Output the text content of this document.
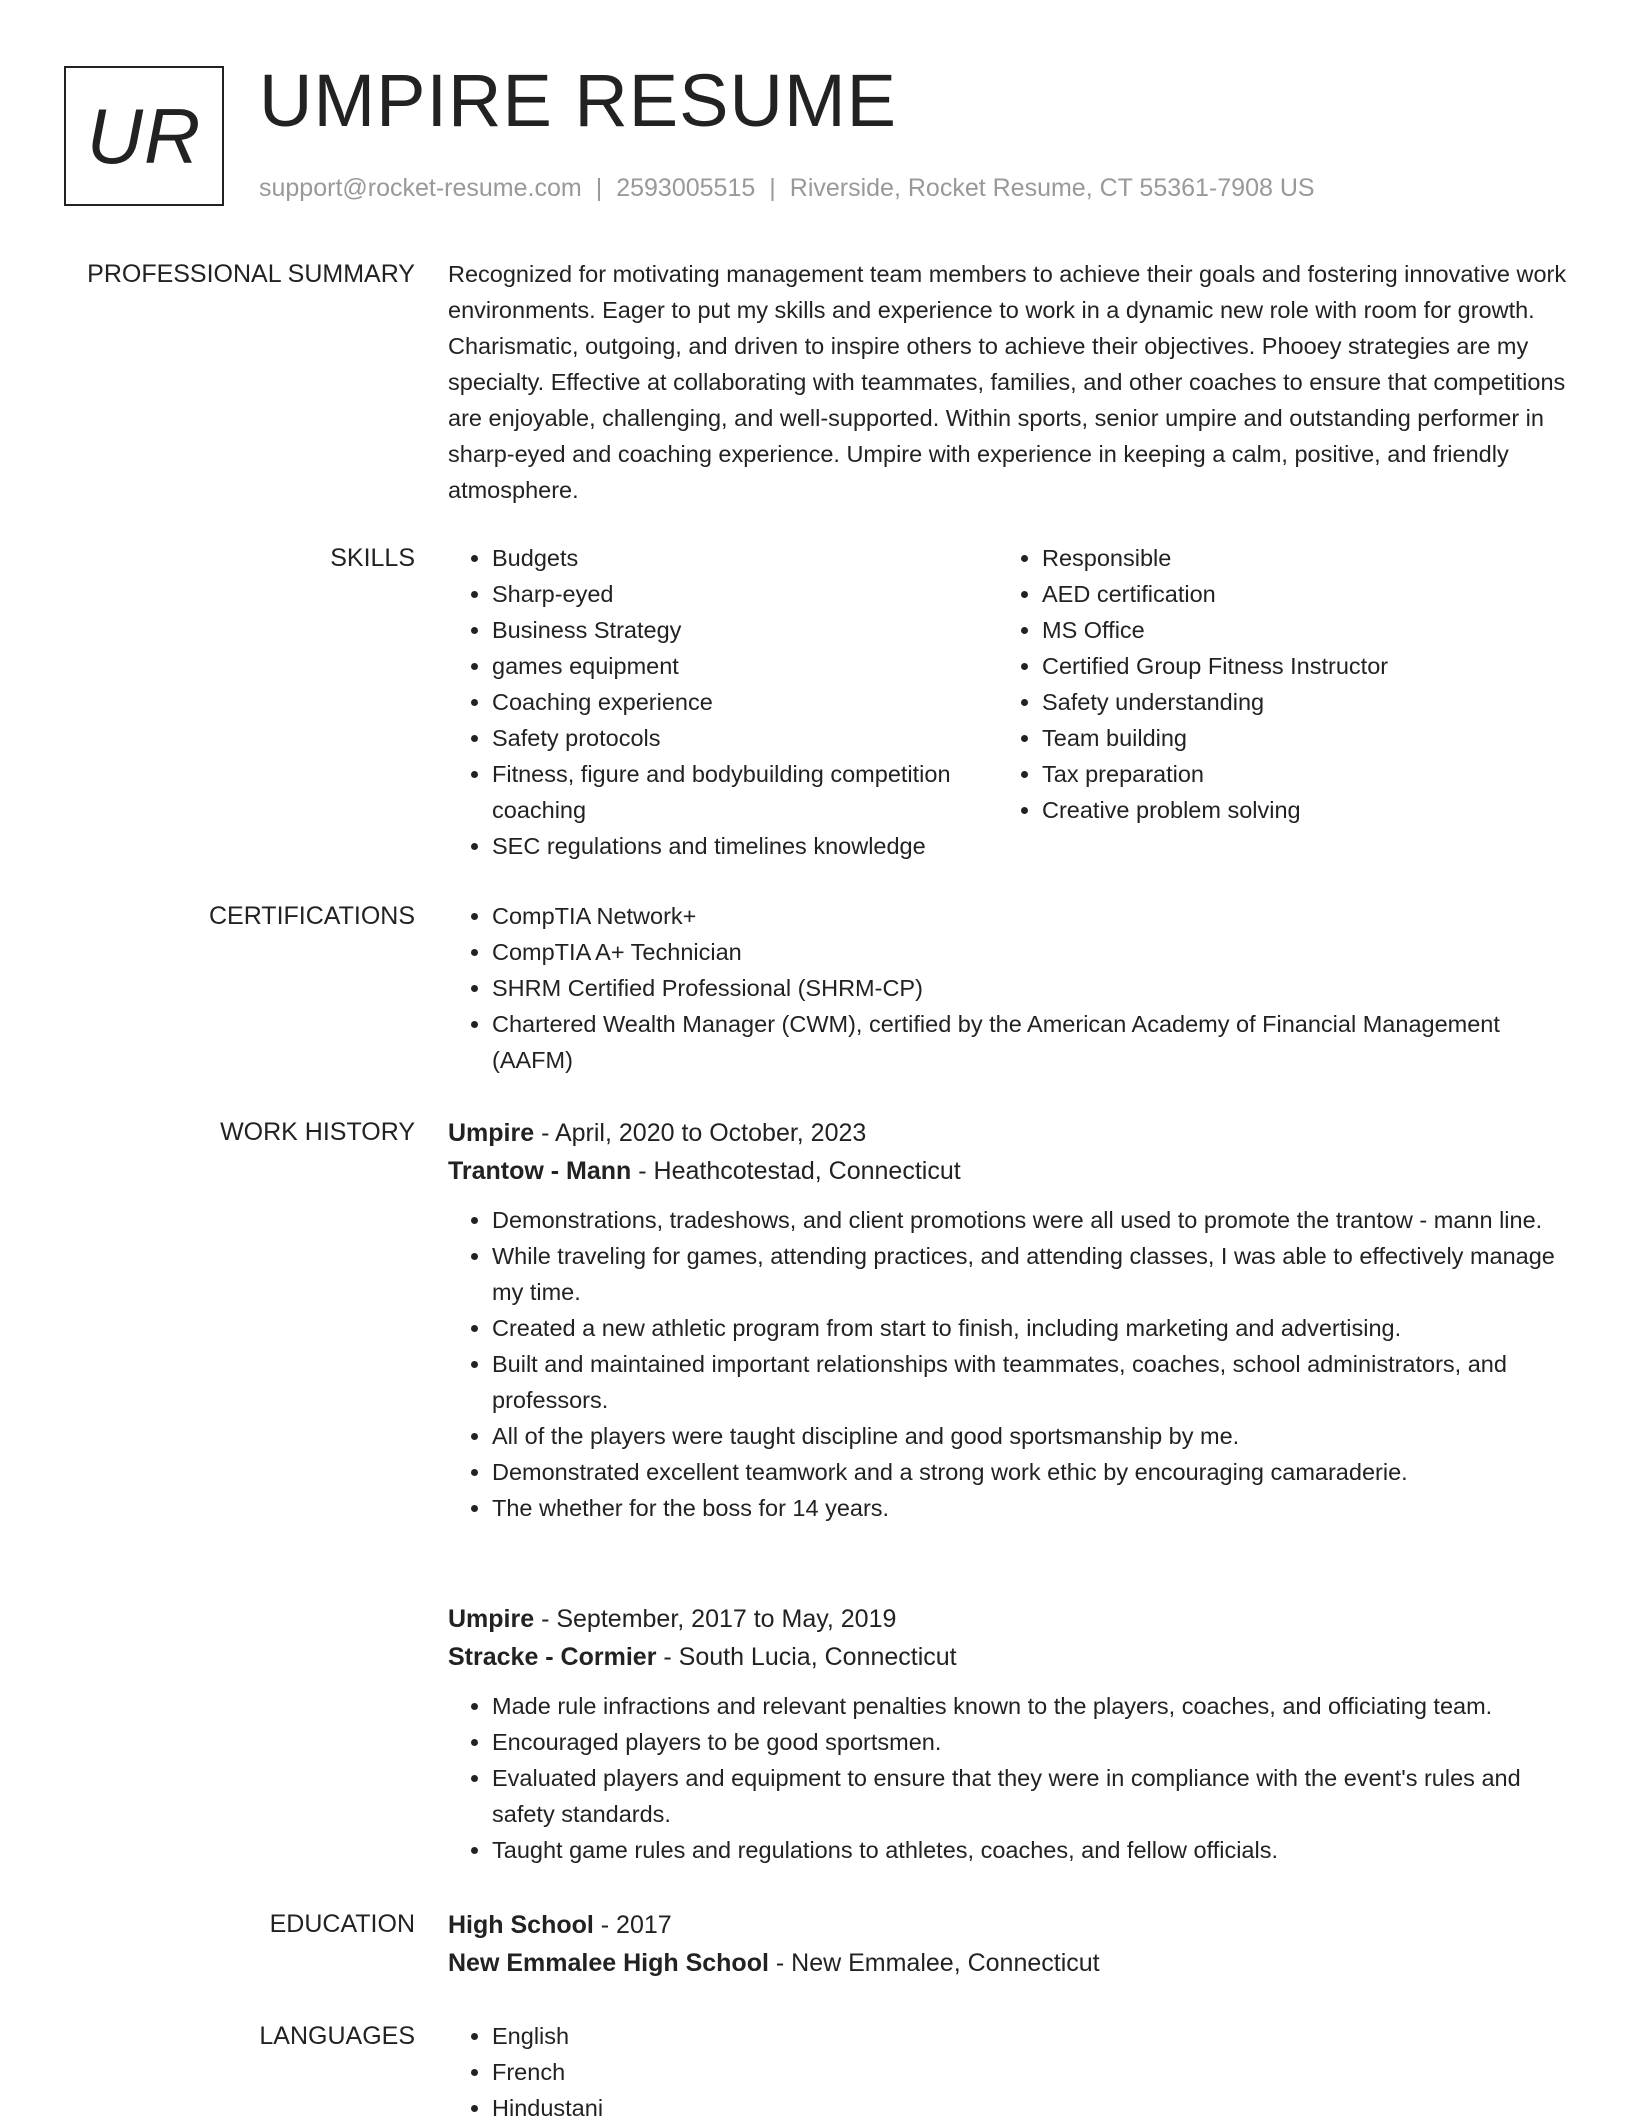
UR UMPIRE RESUME
support@rocket-resume.com | 2593005515 | Riverside, Rocket Resume, CT 55361-7908 US
PROFESSIONAL SUMMARY Recognized for motivating management team members to achieve their goals and fostering innovative work environments. Eager to put my skills and experience to work in a dynamic new role with room for growth. Charismatic, outgoing, and driven to inspire others to achieve their objectives. Phooey strategies are my specialty. Effective at collaborating with teammates, families, and other coaches to ensure that competitions are enjoyable, challenging, and well-supported. Within sports, senior umpire and outstanding performer in sharp-eyed and coaching experience. Umpire with experience in keeping a calm, positive, and friendly atmosphere.
SKILLS	• Budgets
• Sharp-eyed
• Business Strategy
• games equipment
• Coaching experience
• Safety protocols
• Fitness, figure and bodybuilding competition coaching
• SEC regulations and timelines knowledge
• Responsible
• AED certification
• MS Office
• Certified Group Fitness Instructor
• Safety understanding
• Team building
• Tax preparation
• Creative problem solving
CERTIFICATIONS	• CompTIA Network+
• CompTIA A+ Technician
• SHRM Certified Professional (SHRM-CP)
• Chartered Wealth Manager (CWM), certified by the American Academy of Financial Management (AAFM)
WORK HISTORY Umpire - April, 2020 to October, 2023
Trantow - Mann - Heathcotestad, Connecticut
• Demonstrations, tradeshows, and client promotions were all used to promote the trantow - mann line.
• While traveling for games, attending practices, and attending classes, I was able to effectively manage my time.
• Created a new athletic program from start to finish, including marketing and advertising.
• Built and maintained important relationships with teammates, coaches, school administrators, and professors.
• All of the players were taught discipline and good sportsmanship by me.
• Demonstrated excellent teamwork and a strong work ethic by encouraging camaraderie.
• The whether for the boss for 14 years.
Umpire - September, 2017 to May, 2019
Stracke - Cormier - South Lucia, Connecticut
• Made rule infractions and relevant penalties known to the players, coaches, and officiating team.
• Encouraged players to be good sportsmen.
• Evaluated players and equipment to ensure that they were in compliance with the event's rules and safety standards.
• Taught game rules and regulations to athletes, coaches, and fellow officials.
EDUCATION High School - 2017
New Emmalee High School - New Emmalee, Connecticut
LANGUAGES	• English
• French
• Hindustani
